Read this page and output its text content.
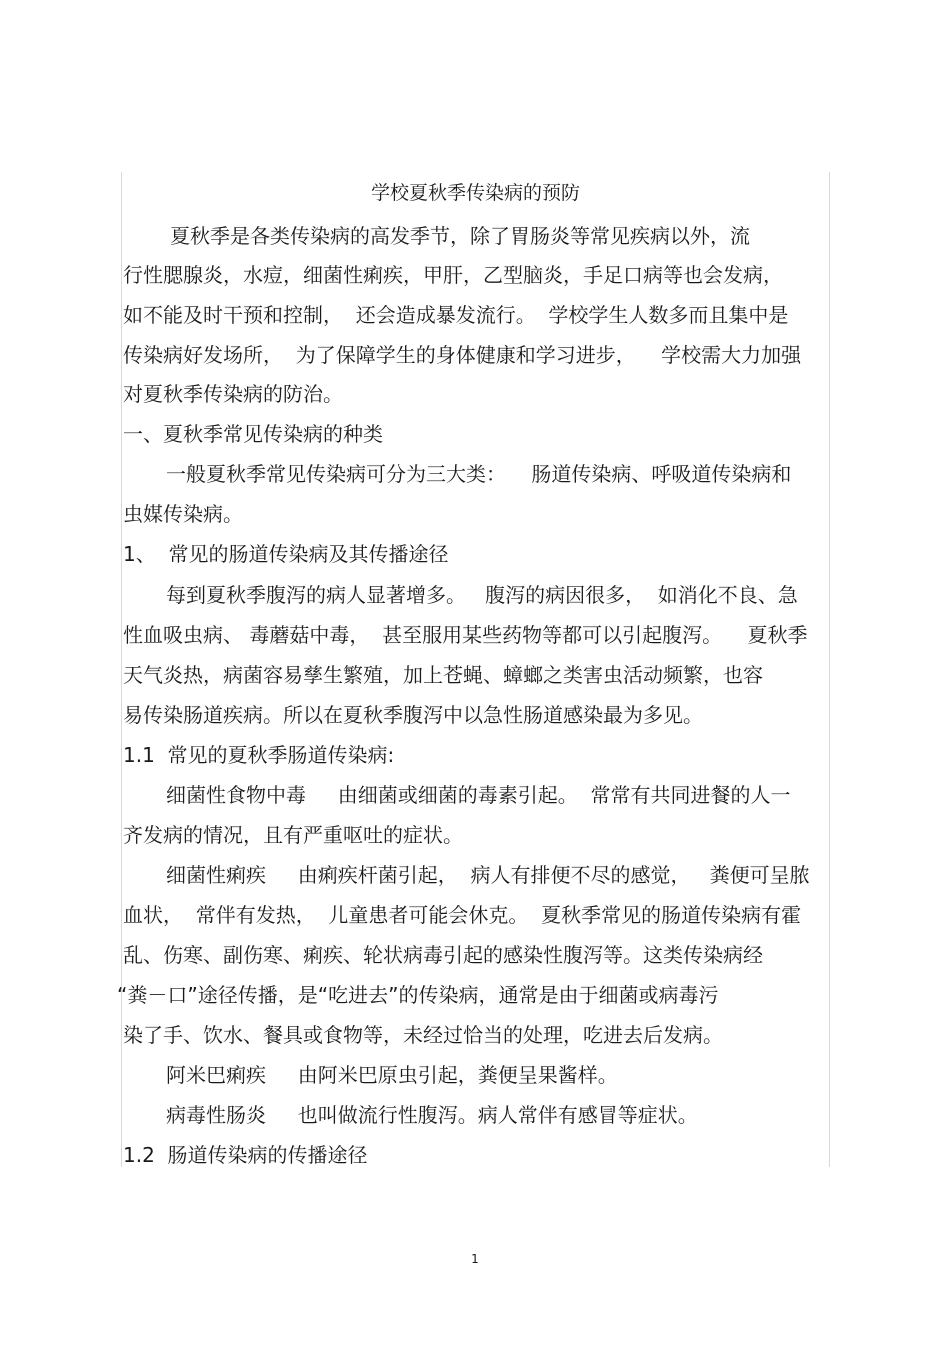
学校夏秋季传染病的预防

夏秋季是各类传染病的高发季节，除了胃肠炎等常见疾病以外，流

行性腮腺炎，水痘，细菌性痢疾，甲肝，乙型脑炎，手足口病等也会发病，

如不能及时干预和控制，  还会造成暴发流行。  学校学生人数多而且集中是

传染病好发场所，  为了保障学生的身体健康和学习进步，    学校需大力加强

对夏秋季传染病的防治。

一、夏秋季常见传染病的种类

一般夏秋季常见传染病可分为三大类：    肠道传染病、呼吸道传染病和

虫媒传染病。

1、  常见的肠道传染病及其传播途径

每到夏秋季腹泻的病人显著增多。   腹泻的病因很多，  如消化不良、急

性血吸虫病、 毒蘑菇中毒，  甚至服用某些药物等都可以引起腹泻。    夏秋季

天气炎热，病菌容易孳生繁殖，加上苍蝇、蟑螂之类害虫活动频繁，也容

易传染肠道疾病。所以在夏秋季腹泻中以急性肠道感染最为多见。

1.1  常见的夏秋季肠道传染病:

细菌性食物中毒     由细菌或细菌的毒素引起。  常常有共同进餐的人一

齐发病的情况，且有严重呕吐的症状。

细菌性痢疾     由痢疾杆菌引起，  病人有排便不尽的感觉，   粪便可呈脓

血状，  常伴有发热，  儿童患者可能会休克。  夏秋季常见的肠道传染病有霍

乱、伤寒、副伤寒、痢疾、轮状病毒引起的感染性腹泻等。这类传染病经

“粪－口”途径传播，是“吃进去”的传染病，通常是由于细菌或病毒污

染了手、饮水、餐具或食物等，未经过恰当的处理，吃进去后发病。

阿米巴痢疾     由阿米巴原虫引起，粪便呈果酱样。

病毒性肠炎     也叫做流行性腹泻。病人常伴有感冒等症状。

1.2  肠道传染病的传播途径

1
